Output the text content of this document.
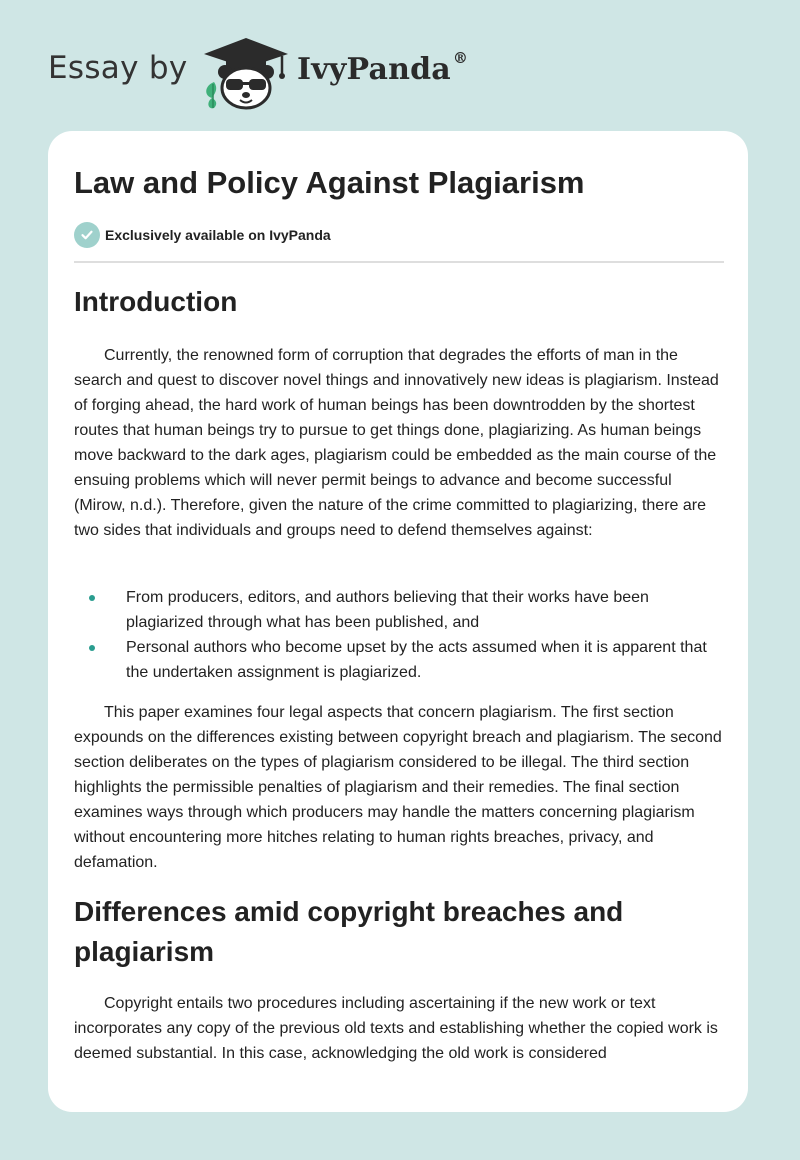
Essay by	IvyPanda ®
Law and Policy Against Plagiarism
Exclusively available on IvyPanda
Introduction

Currently, the renowned form of corruption that degrades the efforts of man in the search and quest to discover novel things and innovatively new ideas is plagiarism. Instead of forging ahead, the hard work of human beings has been downtrodden by the shortest routes that human beings try to pursue to get things done, plagiarizing. As human beings move backward to the dark ages, plagiarism could be embedded as the main course of the ensuing problems which will never permit beings to advance and become successful (Mirow, n.d.). Therefore, given the nature of the crime committed to plagiarizing, there are two sides that individuals and groups need to defend themselves against:

From producers, editors, and authors believing that their works have been plagiarized through what has been published, and
Personal authors who become upset by the acts assumed when it is apparent that the undertaken assignment is plagiarized.

This paper examines four legal aspects that concern plagiarism. The first section expounds on the differences existing between copyright breach and plagiarism. The second section deliberates on the types of plagiarism considered to be illegal. The third section highlights the permissible penalties of plagiarism and their remedies. The final section examines ways through which producers may handle the matters concerning plagiarism without encountering more hitches relating to human rights breaches, privacy, and defamation.

Differences amid copyright breaches and plagiarism

Copyright entails two procedures including ascertaining if the new work or text incorporates any copy of the previous old texts and establishing whether the copied work is deemed substantial. In this case, acknowledging the old work is considered
